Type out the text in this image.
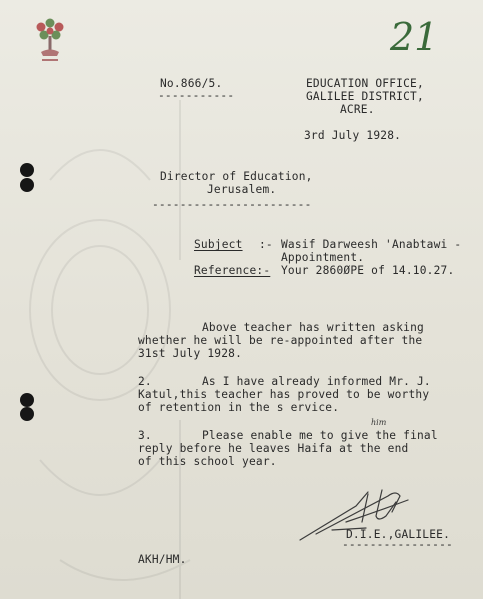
21
No.866/5.
-----------
EDUCATION OFFICE,
GALILEE DISTRICT,
ACRE.
3rd July 1928.
Director of Education,
Jerusalem.
-----------------------
Subject :- Wasif Darweesh 'Anabtawi -
Appointment.
Reference:- Your 2860ØPE of 14.10.27.
Above teacher has written asking
whether he will be re-appointed after the
31st July 1928.
2.	As I have already informed Mr. J.
Katul,this teacher has proved to be worthy
of retention in the s ervice.
3.	Please enable me to give the final
reply before he leaves Haifa at the end
of this school year.
him
D.I.E.,GALILEE.
----------------
AKH/HM.
